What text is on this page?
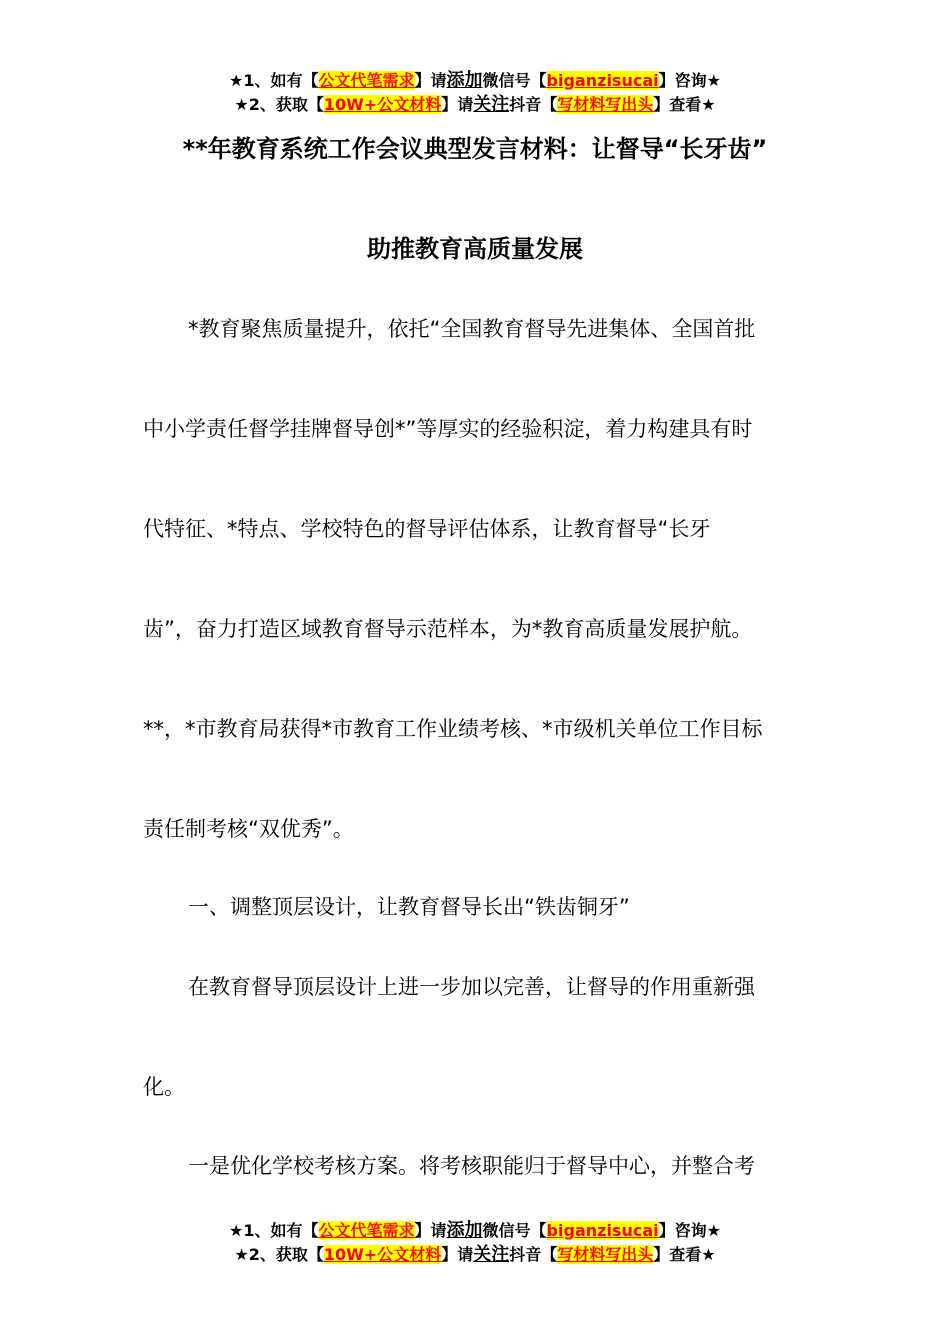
★1、如有【公文代笔需求】请添加微信号【biganzisucai】咨询★
★2、获取【10W+公文材料】请关注抖音【写材料写出头】查看★
**年教育系统工作会议典型发言材料：让督导“长牙齿”
助推教育高质量发展
*教育聚焦质量提升，依托“全国教育督导先进集体、全国首批
中小学责任督学挂牌督导创*”等厚实的经验积淀，着力构建具有时
代特征、*特点、学校特色的督导评估体系，让教育督导“长牙
齿”，奋力打造区域教育督导示范样本，为*教育高质量发展护航。
**，*市教育局获得*市教育工作业绩考核、*市级机关单位工作目标
责任制考核“双优秀”。
一、调整顶层设计，让教育督导长出“铁齿铜牙”
在教育督导顶层设计上进一步加以完善，让督导的作用重新强
化。
一是优化学校考核方案。将考核职能归于督导中心，并整合考
★1、如有【公文代笔需求】请添加微信号【biganzisucai】咨询★
★2、获取【10W+公文材料】请关注抖音【写材料写出头】查看★
